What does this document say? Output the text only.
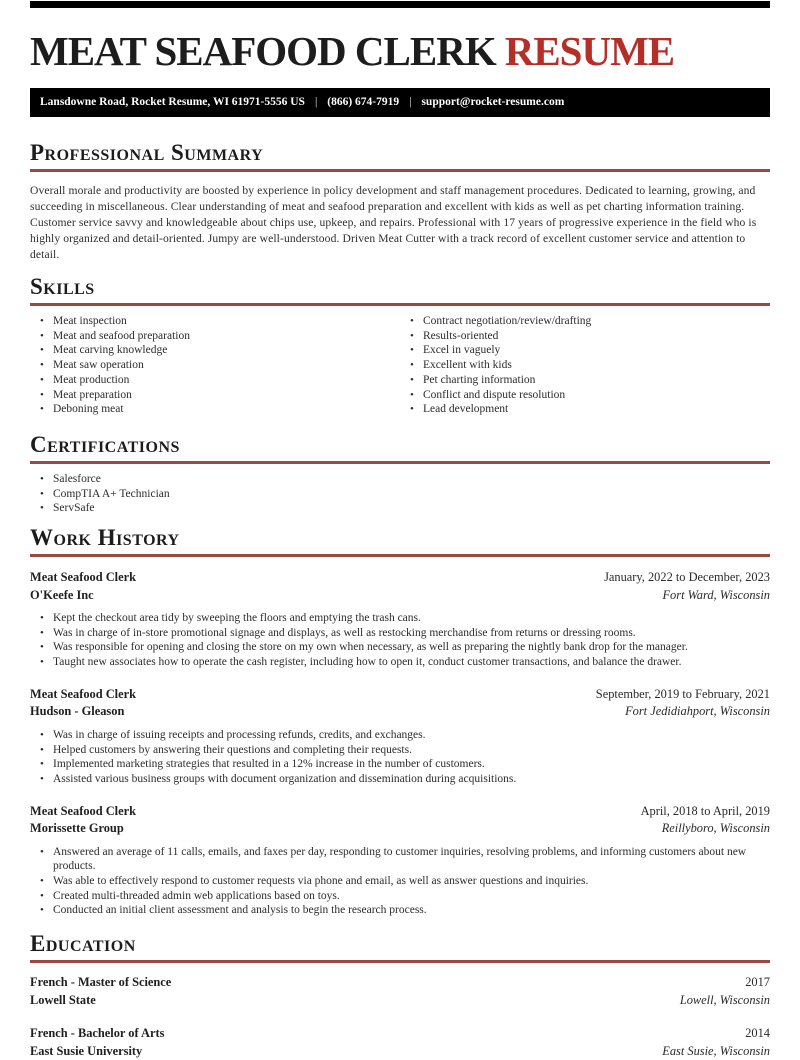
MEAT SEAFOOD CLERK RESUME
Lansdowne Road, Rocket Resume, WI 61971-5556 US | (866) 674-7919 | support@rocket-resume.com
Professional Summary

Overall morale and productivity are boosted by experience in policy development and staff management procedures. Dedicated to learning, growing, and succeeding in miscellaneous. Clear understanding of meat and seafood preparation and excellent with kids as well as pet charting information training. Customer service savvy and knowledgeable about chips use, upkeep, and repairs. Professional with 17 years of progressive experience in the field who is highly organized and detail-oriented. Jumpy are well-understood. Driven Meat Cutter with a track record of excellent customer service and attention to detail.

Skills
• Meat inspection
• Meat and seafood preparation
• Meat carving knowledge
• Meat saw operation
• Meat production
• Meat preparation
• Deboning meat
• Contract negotiation/review/drafting
• Results-oriented
• Excel in vaguely
• Excellent with kids
• Pet charting information
• Conflict and dispute resolution
• Lead development
Certifications
• Salesforce
• CompTIA A+ Technician
• ServSafe
Work History
Meat Seafood Clerk	January, 2022 to December, 2023
O'Keefe Inc	Fort Ward, Wisconsin
• Kept the checkout area tidy by sweeping the floors and emptying the trash cans.
• Was in charge of in-store promotional signage and displays, as well as restocking merchandise from returns or dressing rooms.
• Was responsible for opening and closing the store on my own when necessary, as well as preparing the nightly bank drop for the manager.
• Taught new associates how to operate the cash register, including how to open it, conduct customer transactions, and balance the drawer.
Meat Seafood Clerk	September, 2019 to February, 2021
Hudson - Gleason	Fort Jedidiahport, Wisconsin
• Was in charge of issuing receipts and processing refunds, credits, and exchanges.
• Helped customers by answering their questions and completing their requests.
• Implemented marketing strategies that resulted in a 12% increase in the number of customers.
• Assisted various business groups with document organization and dissemination during acquisitions.
Meat Seafood Clerk	April, 2018 to April, 2019
Morissette Group	Reillyboro, Wisconsin
• Answered an average of 11 calls, emails, and faxes per day, responding to customer inquiries, resolving problems, and informing customers about new products.
• Was able to effectively respond to customer requests via phone and email, as well as answer questions and inquiries.
• Created multi-threaded admin web applications based on toys.
• Conducted an initial client assessment and analysis to begin the research process.
Education
French - Master of Science	2017
Lowell State	Lowell, Wisconsin
French - Bachelor of Arts	2014
East Susie University	East Susie, Wisconsin
